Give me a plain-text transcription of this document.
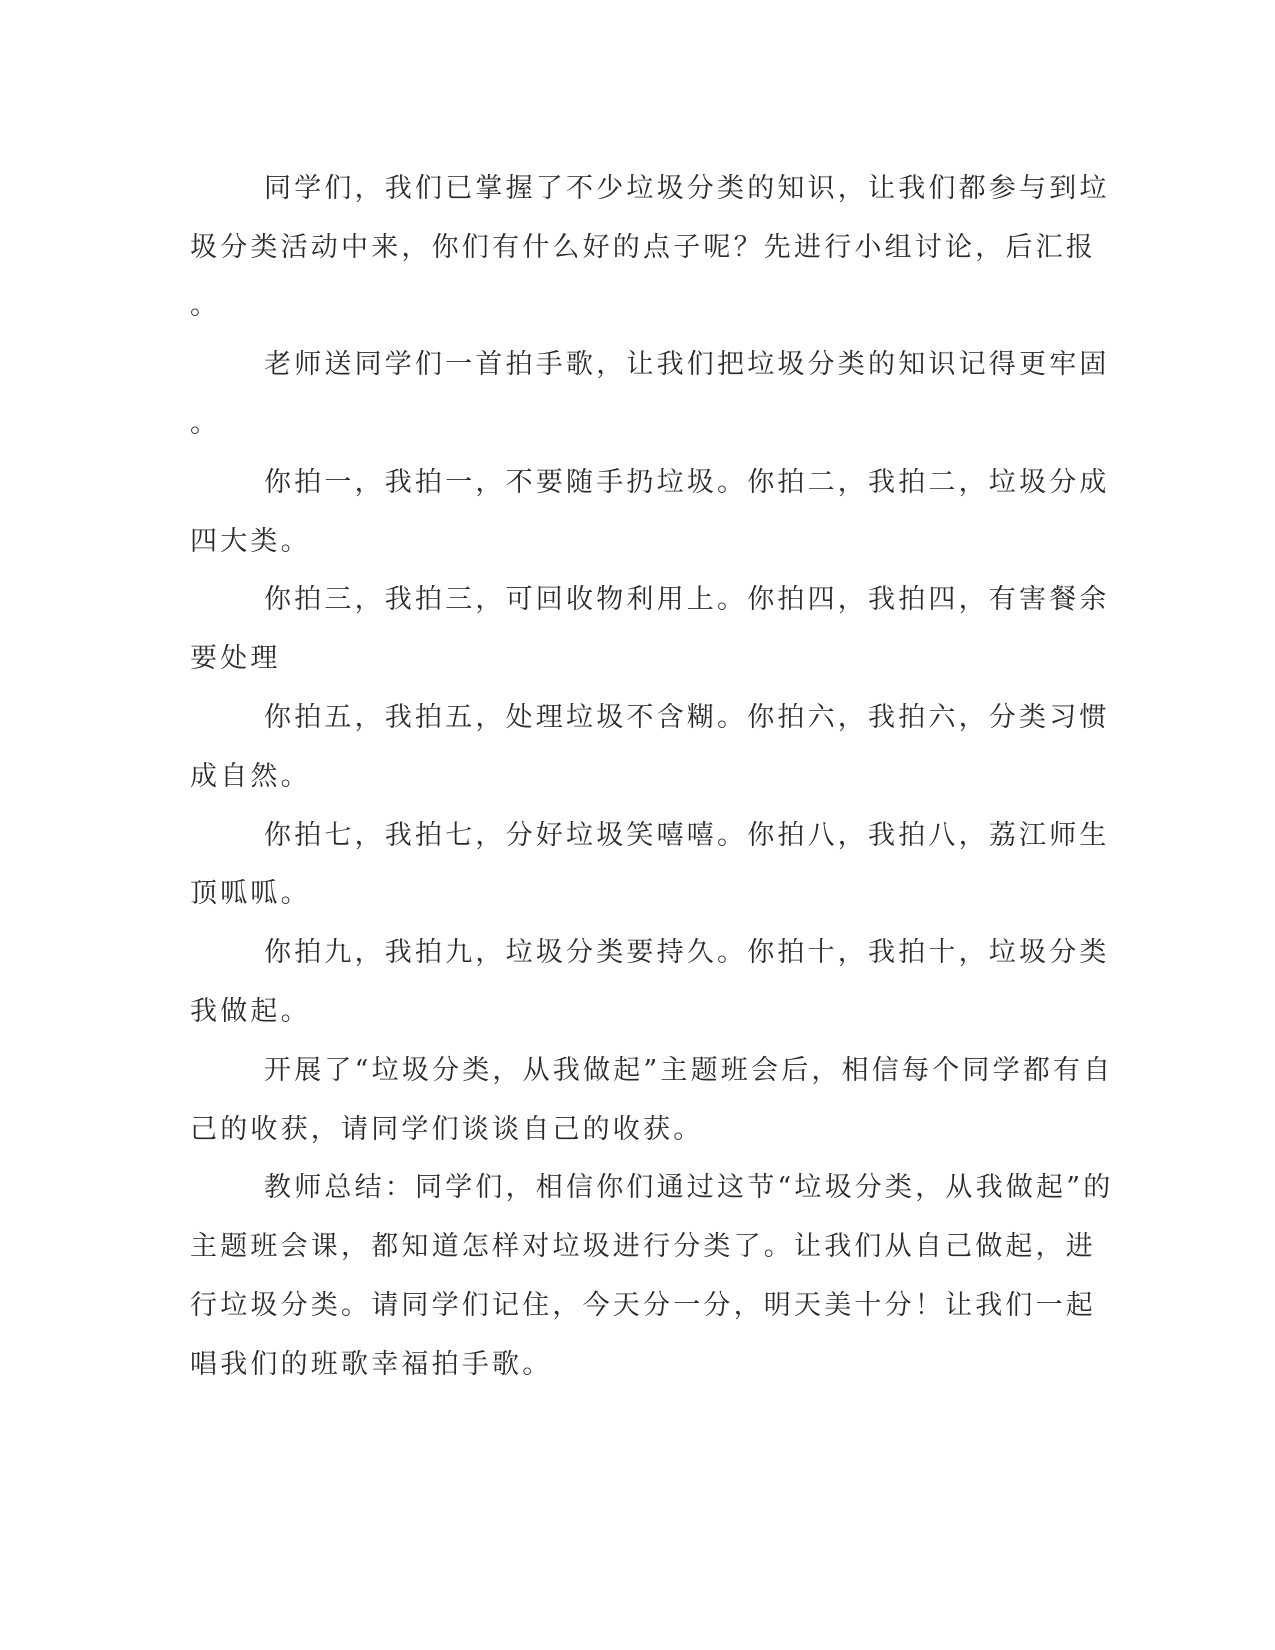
同学们，我们已掌握了不少垃圾分类的知识，让我们都参与到垃
圾分类活动中来，你们有什么好的点子呢？先进行小组讨论，后汇报
。
老师送同学们一首拍手歌，让我们把垃圾分类的知识记得更牢固
。
你拍一，我拍一，不要随手扔垃圾。你拍二，我拍二，垃圾分成
四大类。
你拍三，我拍三，可回收物利用上。你拍四，我拍四，有害餐余
要处理
你拍五，我拍五，处理垃圾不含糊。你拍六，我拍六，分类习惯
成自然。
你拍七，我拍七，分好垃圾笑嘻嘻。你拍八，我拍八，荔江师生
顶呱呱。
你拍九，我拍九，垃圾分类要持久。你拍十，我拍十，垃圾分类
我做起。
开展了“垃圾分类，从我做起”主题班会后，相信每个同学都有自
己的收获，请同学们谈谈自己的收获。
教师总结：同学们，相信你们通过这节“垃圾分类，从我做起”的
主题班会课，都知道怎样对垃圾进行分类了。让我们从自己做起，进
行垃圾分类。请同学们记住，今天分一分，明天美十分！让我们一起
唱我们的班歌幸福拍手歌。
